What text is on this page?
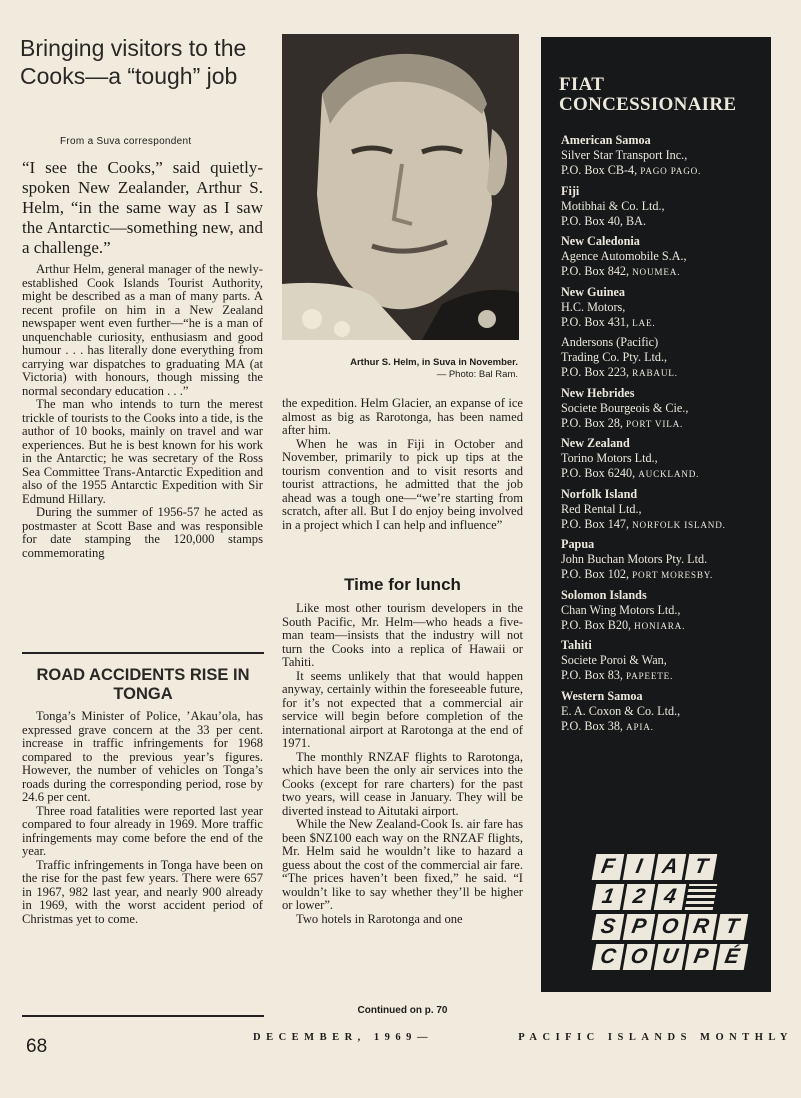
Bringing visitors to the Cooks—a “tough” job
From a Suva correspondent
“I see the Cooks,” said quietly-spoken New Zealander, Arthur S. Helm, “in the same way as I saw the Antarctic—something new, and a challenge.”

Arthur Helm, general manager of the newly-established Cook Islands Tourist Authority, might be described as a man of many parts. A recent profile on him in a New Zealand newspaper went even further—“he is a man of unquenchable curiosity, enthusiasm and good humour . . . has literally done everything from carrying war dispatches to graduating MA (at Victoria) with honours, though missing the normal secondary education . . .”

The man who intends to turn the merest trickle of tourists to the Cooks into a tide, is the author of 10 books, mainly on travel and war experiences. But he is best known for his work in the Antarctic; he was secretary of the Ross Sea Committee Trans-Antarctic Expedition and also of the 1955 Antarctic Expedition with Sir Edmund Hillary.

During the summer of 1956-57 he acted as postmaster at Scott Base and was responsible for date stamping the 120,000 stamps commemorating

ROAD ACCIDENTS RISE IN TONGA

Tonga’s Minister of Police, ’Akau’ola, has expressed grave concern at the 33 per cent. increase in traffic infringements for 1968 compared to the previous year’s figures. However, the number of vehicles on Tonga’s roads during the corresponding period, rose by 24.6 per cent.

Three road fatalities were reported last year compared to four already in 1969. More traffic infringements may come before the end of the year.

Traffic infringements in Tonga have been on the rise for the past few years. There were 657 in 1967, 982 last year, and nearly 900 already in 1969, with the worst accident period of Christmas yet to come.

68
Arthur S. Helm, in Suva in November.
— Photo: Bal Ram.

the expedition. Helm Glacier, an expanse of ice almost as big as Rarotonga, has been named after him.

When he was in Fiji in October and November, primarily to pick up tips at the tourism convention and to visit resorts and tourist attractions, he admitted that the job ahead was a tough one—“we’re starting from scratch, after all. But I do enjoy being involved in a project which I can help and influence”

Time for lunch

Like most other tourism developers in the South Pacific, Mr. Helm—who heads a five-man team—insists that the industry will not turn the Cooks into a replica of Hawaii or Tahiti.

It seems unlikely that that would happen anyway, certainly within the foreseeable future, for it’s not expected that a commercial air service will begin before completion of the international airport at Rarotonga at the end of 1971.

The monthly RNZAF flights to Rarotonga, which have been the only air services into the Cooks (except for rare charters) for the past two years, will cease in January. They will be diverted instead to Aitutaki airport.

While the New Zealand-Cook Is. air fare has been $NZ100 each way on the RNZAF flights, Mr. Helm said he wouldn’t like to hazard a guess about the cost of the commercial air fare. “The prices haven’t been fixed,” he said. “I wouldn’t like to say whether they’ll be higher or lower”.

Two hotels in Rarotonga and one

Continued on p. 70
FIAT
CONCESSIONAIRE
American Samoa
Silver Star Transport Inc.,
P.O. Box CB-4, PAGO PAGO.
Fiji
Motibhai & Co. Ltd.,
P.O. Box 40, BA.
New Caledonia
Agence Automobile S.A.,
P.O. Box 842, NOUMEA.
New Guinea
H.C. Motors,
P.O. Box 431, LAE.
Andersons (Pacific)
Trading Co. Pty. Ltd.,
P.O. Box 223, RABAUL.
New Hebrides
Societe Bourgeois & Cie.,
P.O. Box 28, PORT VILA.
New Zealand
Torino Motors Ltd.,
P.O. Box 6240, AUCKLAND.
Norfolk Island
Red Rental Ltd.,
P.O. Box 147, NORFOLK ISLAND.
Papua
John Buchan Motors Pty. Ltd.
P.O. Box 102, PORT MORESBY.
Solomon Islands
Chan Wing Motors Ltd.,
P.O. Box B20, HONIARA.
Tahiti
Societe Poroi & Wan,
P.O. Box 83, PAPEETE.
Western Samoa
E. A. Coxon & Co. Ltd.,
P.O. Box 38, APIA.
F I A T
1 2 4
S P O R T
C O U P É
DECEMBER, 1969—	PACIFIC ISLANDS MONTHLY
